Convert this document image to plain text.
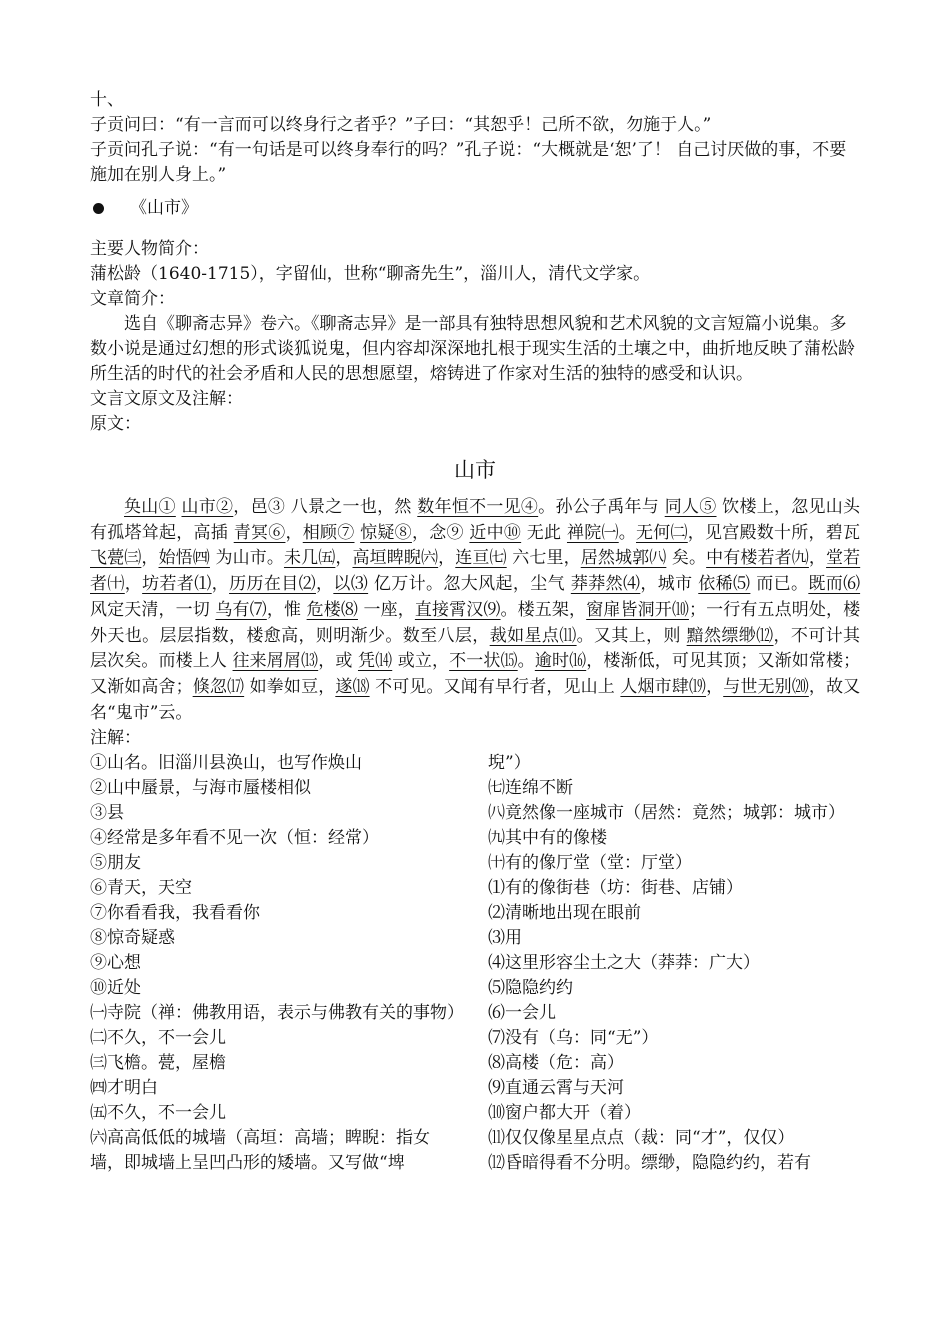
十、

子贡问曰：“有一言而可以终身行之者乎？”子曰：“其恕乎！己所不欲，勿施于人。”

子贡问孔子说：“有一句话是可以终身奉行的吗？”孔子说：“大概就是‘恕’了！ 自己讨厌做的事，不要施加在别人身上。”

《山市》

主要人物简介：

蒲松龄（1640-1715），字留仙，世称“聊斋先生”，淄川人，清代文学家。

文章简介：

选自《聊斋志异》卷六。《聊斋志异》是一部具有独特思想风貌和艺术风貌的文言短篇小说集。多数小说是通过幻想的形式谈狐说鬼，但内容却深深地扎根于现实生活的土壤之中，曲折地反映了蒲松龄所生活的时代的社会矛盾和人民的思想愿望，熔铸进了作家对生活的独特的感受和认识。

文言文原文及注解：

原文：

山市

奂山① 山市②，邑③ 八景之一也，然 数年恒不一见④。孙公子禹年与 同人⑤ 饮楼上，忽见山头有孤塔耸起，高插 青冥⑥，相顾⑦ 惊疑⑧，念⑨ 近中⑩ 无此 禅院㈠。无何㈡，见宫殿数十所，碧瓦 飞甍㈢，始悟㈣ 为山市。未几㈤，高垣睥睨㈥，连亘㈦ 六七里，居然城郭㈧ 矣。中有楼若者㈨，堂若者㈩，坊若者⑴，历历在目⑵，以⑶ 亿万计。忽大风起，尘气 莽莽然⑷，城市 依稀⑸ 而已。既而⑹ 风定天清，一切 乌有⑺，惟 危楼⑻ 一座，直接霄汉⑼。楼五架，窗扉皆洞开⑽；一行有五点明处，楼外天也。层层指数，楼愈高，则明渐少。数至八层，裁如星点⑾。又其上，则 黯然缥缈⑿，不可计其层次矣。而楼上人 往来屑屑⒀，或 凭⒁ 或立，不一状⒂。逾时⒃，楼渐低，可见其顶；又渐如常楼；又渐如高舍；倏忽⒄ 如拳如豆，遂⒅ 不可见。又闻有早行者，见山上 人烟市肆⒆，与世无别⒇，故又名“鬼市”云。

注解：

①山名。旧淄川县涣山，也写作焕山

②山中蜃景，与海市蜃楼相似

③县

④经常是多年看不见一次（恒：经常）

⑤朋友

⑥青天，天空

⑦你看看我，我看看你

⑧惊奇疑惑

⑨心想

⑩近处

㈠寺院（禅：佛教用语，表示与佛教有关的事物）

㈡不久，不一会儿

㈢飞檐。甍，屋檐

㈣才明白

㈤不久，不一会儿

㈥高高低低的城墙（高垣：高墙；睥睨：指女墙，即城墙上呈凹凸形的矮墙。又写做“埤

堄”）

㈦连绵不断

㈧竟然像一座城市（居然：竟然；城郭：城市）

㈨其中有的像楼

㈩有的像厅堂（堂：厅堂）

⑴有的像街巷（坊：街巷、店铺）

⑵清晰地出现在眼前

⑶用

⑷这里形容尘土之大（莽莽：广大）

⑸隐隐约约

⑹一会儿

⑺没有（乌：同“无”）

⑻高楼（危：高）

⑼直通云霄与天河

⑽窗户都大开（着）

⑾仅仅像星星点点（裁：同“才”，仅仅）

⑿昏暗得看不分明。缥缈，隐隐约约，若有
